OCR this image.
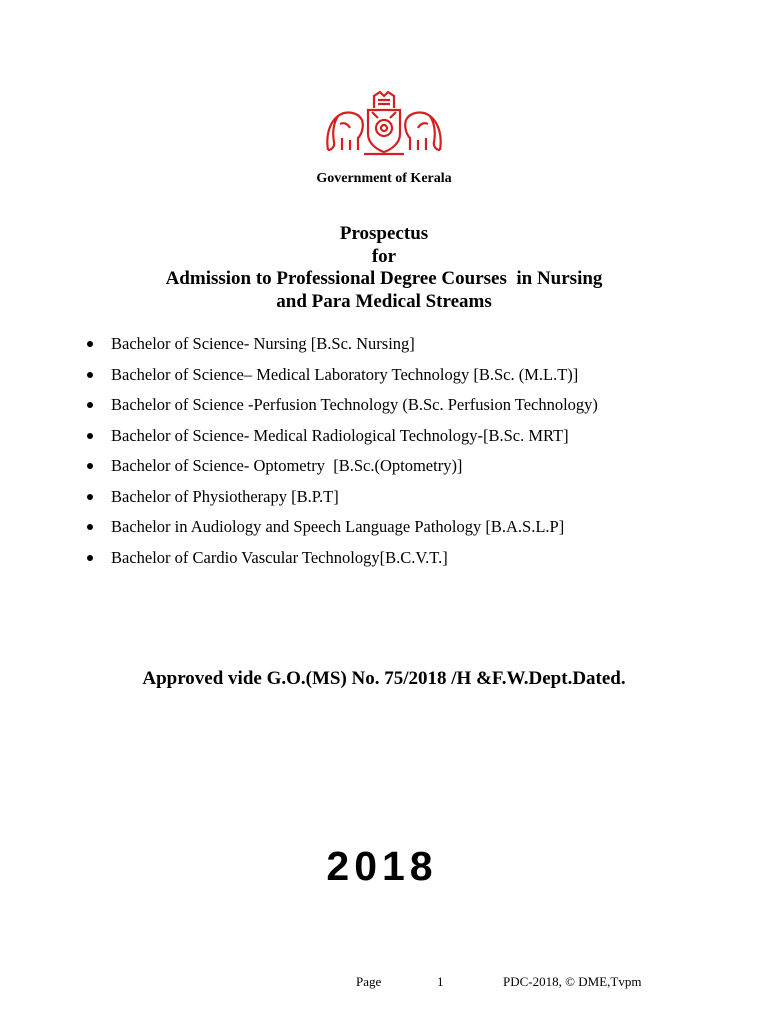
Government of Kerala
Prospectus
for
Admission to Professional Degree Courses  in Nursing
and Para Medical Streams
Bachelor of Science- Nursing [B.Sc. Nursing]
Bachelor of Science– Medical Laboratory Technology [B.Sc. (M.L.T)]
Bachelor of Science -Perfusion Technology (B.Sc. Perfusion Technology)
Bachelor of Science- Medical Radiological Technology-[B.Sc. MRT]
Bachelor of Science- Optometry  [B.Sc.(Optometry)]
Bachelor of Physiotherapy [B.P.T]
Bachelor in Audiology and Speech Language Pathology [B.A.S.L.P]
Bachelor of Cardio Vascular Technology[B.C.V.T.]
Approved vide G.O.(MS) No. 75/2018 /H &F.W.Dept.Dated.
2018
Page	1	PDC-2018, © DME,Tvpm
